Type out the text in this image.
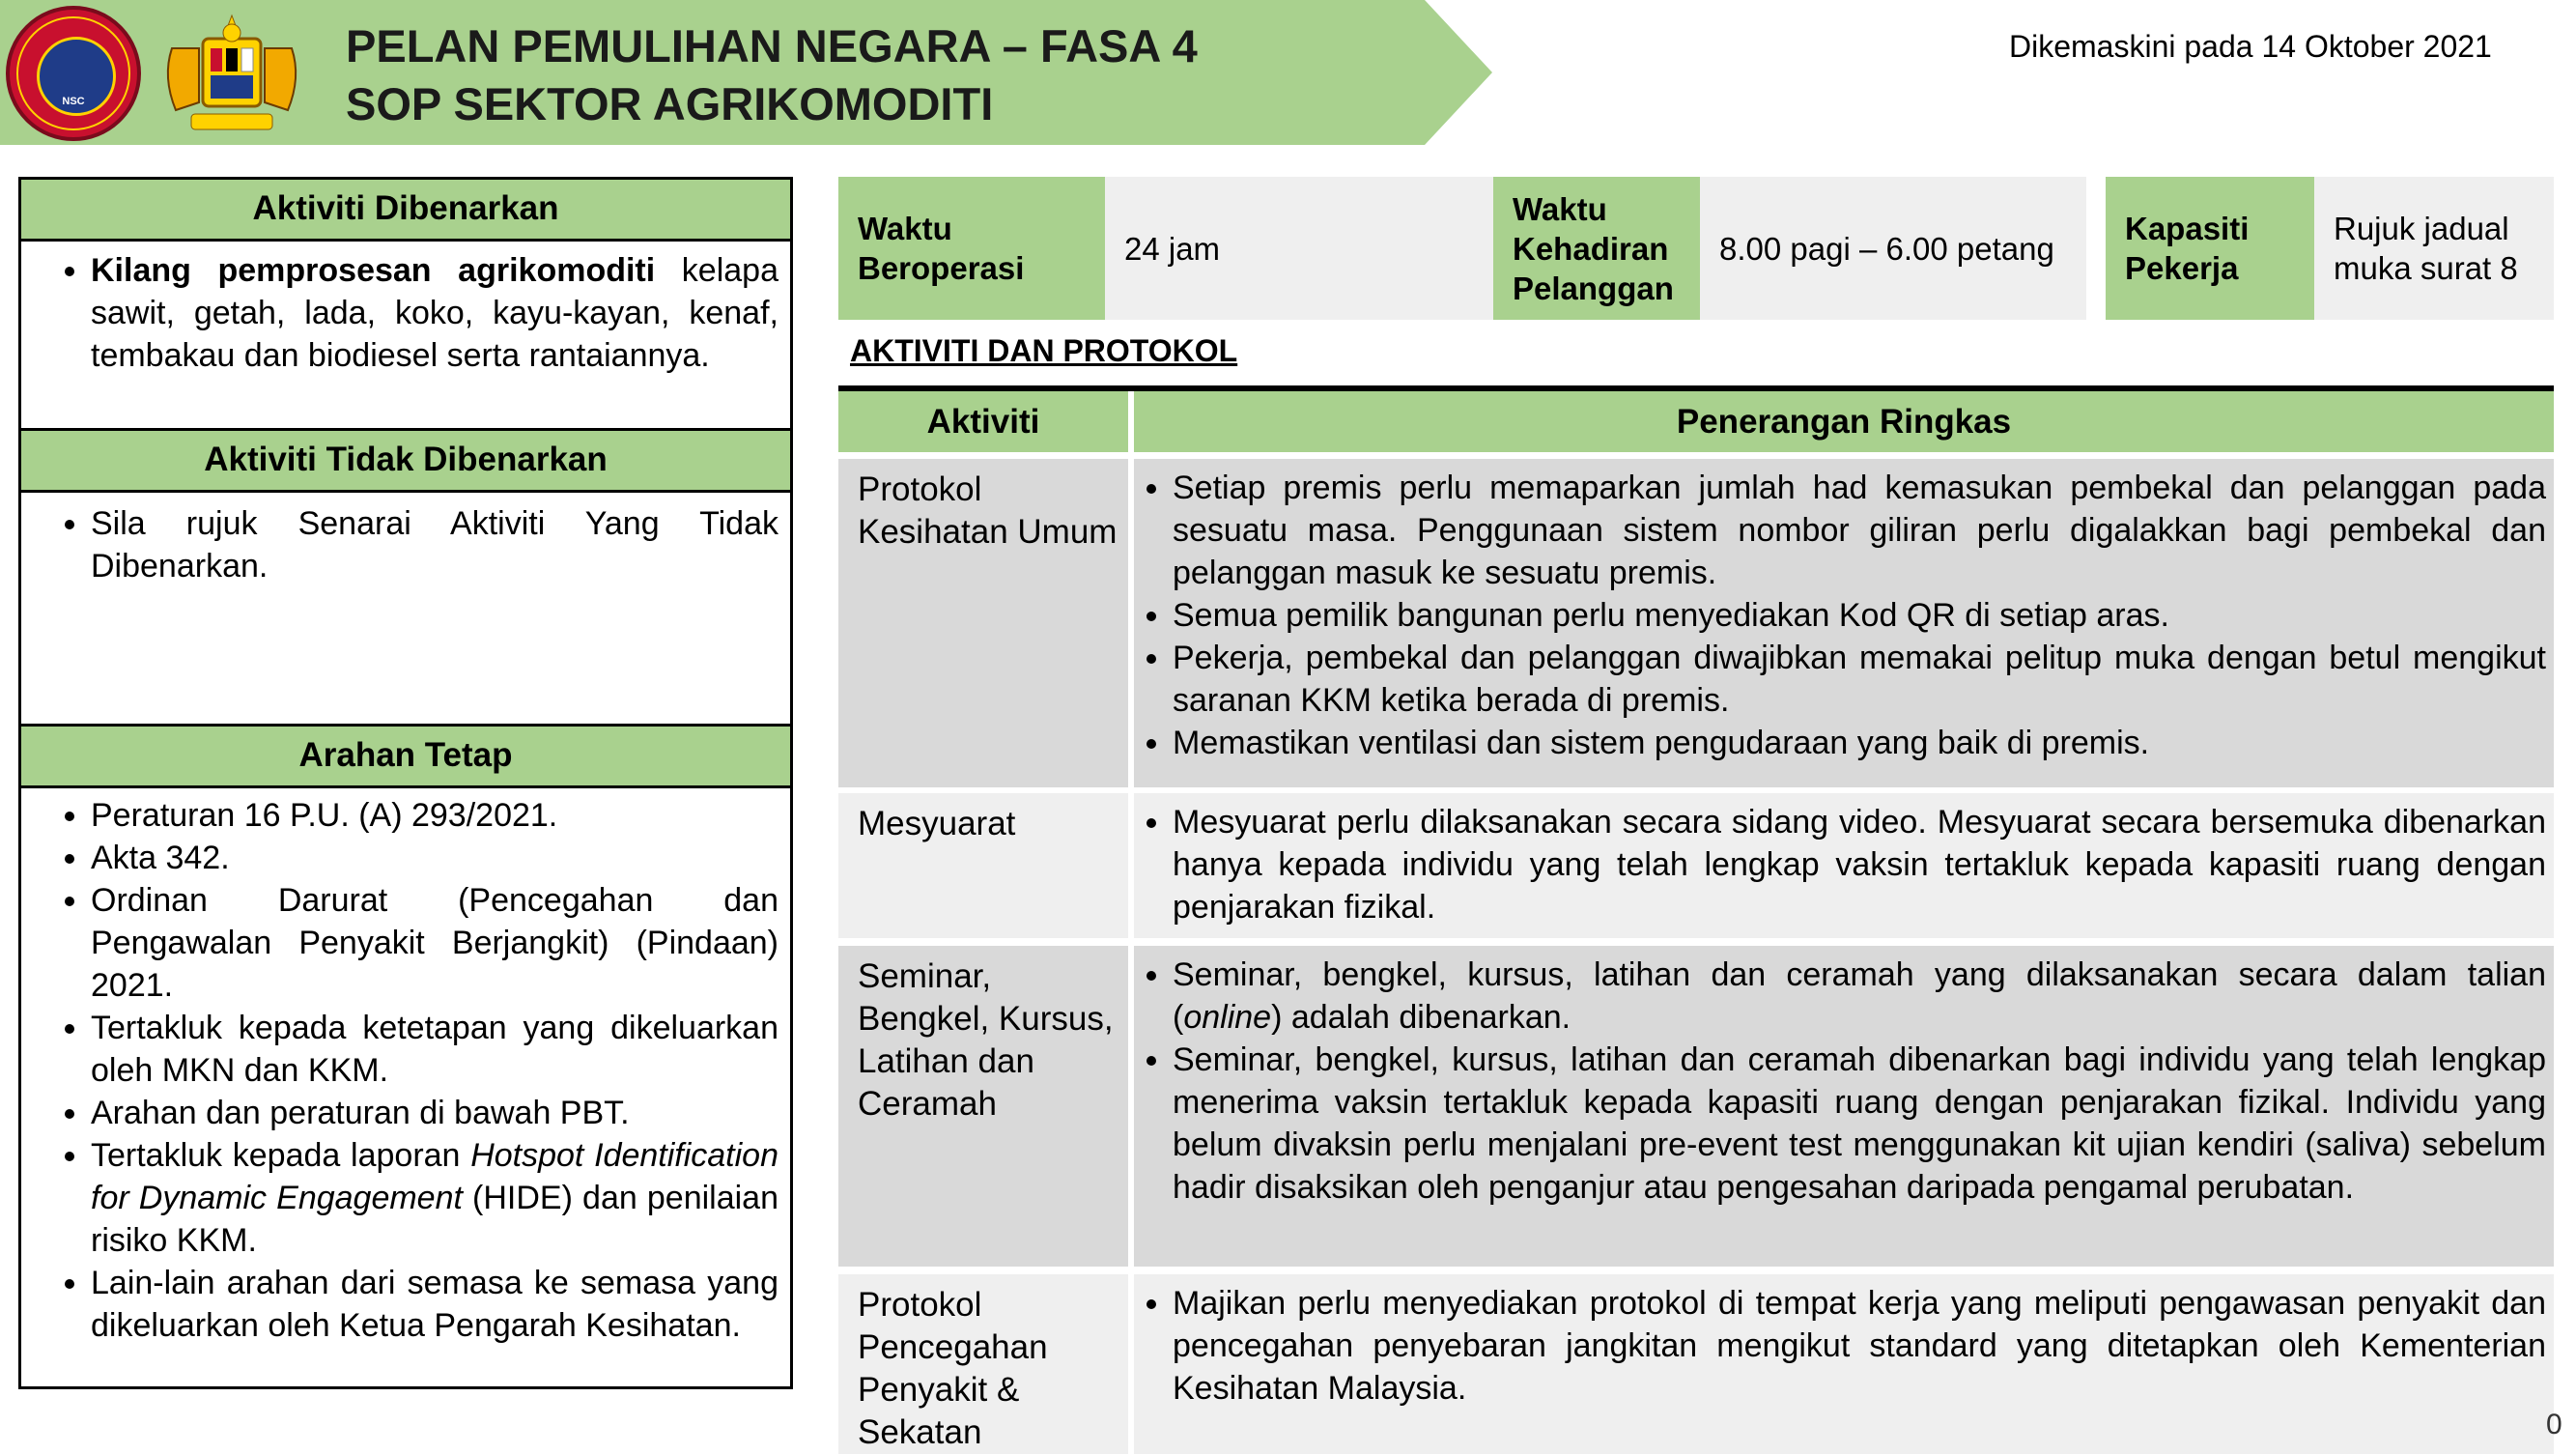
NSC
PELAN PEMULIHAN NEGARA – FASA 4
SOP SEKTOR AGRIKOMODITI
Dikemaskini pada 14 Oktober 2021
Aktiviti Dibenarkan
• Kilang pemprosesan agrikomoditi kelapa sawit, getah, lada, koko, kayu-kayan, kenaf, tembakau dan biodiesel serta rantaiannya.
Aktiviti Tidak Dibenarkan
• Sila rujuk Senarai Aktiviti Yang Tidak Dibenarkan.
Arahan Tetap
• Peraturan 16 P.U. (A) 293/2021.
• Akta 342.
• Ordinan Darurat (Pencegahan dan Pengawalan Penyakit Berjangkit) (Pindaan) 2021.
• Tertakluk kepada ketetapan yang dikeluarkan oleh MKN dan KKM.
• Arahan dan peraturan di bawah PBT.
• Tertakluk kepada laporan Hotspot Identification for Dynamic Engagement (HIDE) dan penilaian risiko KKM.
• Lain-lain arahan dari semasa ke semasa yang dikeluarkan oleh Ketua Pengarah Kesihatan.
Waktu Beroperasi
24 jam
Waktu Kehadiran Pelanggan
8.00 pagi – 6.00 petang
Kapasiti Pekerja
Rujuk jadual muka surat 8
AKTIVITI DAN PROTOKOL
Aktiviti	Penerangan Ringkas
Protokol Kesihatan Umum
• Setiap premis perlu memaparkan jumlah had kemasukan pembekal dan pelanggan pada sesuatu masa. Penggunaan sistem nombor giliran perlu digalakkan bagi pembekal dan pelanggan masuk ke sesuatu premis.
• Semua pemilik bangunan perlu menyediakan Kod QR di setiap aras.
• Pekerja, pembekal dan pelanggan diwajibkan memakai pelitup muka dengan betul mengikut saranan KKM ketika berada di premis.
• Memastikan ventilasi dan sistem pengudaraan yang baik di premis.
Mesyuarat
•	Mesyuarat perlu dilaksanakan secara sidang video. Mesyuarat secara bersemuka dibenarkan hanya kepada individu yang telah lengkap vaksin tertakluk kepada kapasiti ruang dengan penjarakan fizikal.
Seminar, Bengkel, Kursus, Latihan dan Ceramah
• Seminar, bengkel, kursus, latihan dan ceramah yang dilaksanakan secara dalam talian (online) adalah dibenarkan.
• Seminar, bengkel, kursus, latihan dan ceramah dibenarkan bagi individu yang telah lengkap menerima vaksin tertakluk kepada kapasiti ruang dengan penjarakan fizikal. Individu yang belum divaksin perlu menjalani pre-event test menggunakan kit ujian kendiri (saliva) sebelum hadir disaksikan oleh penganjur atau pengesahan daripada pengamal perubatan.
Protokol Pencegahan Penyakit & Sekatan
• Majikan perlu menyediakan protokol di tempat kerja yang meliputi pengawasan penyakit dan pencegahan penyebaran jangkitan mengikut standard yang ditetapkan oleh Kementerian Kesihatan Malaysia.
0
